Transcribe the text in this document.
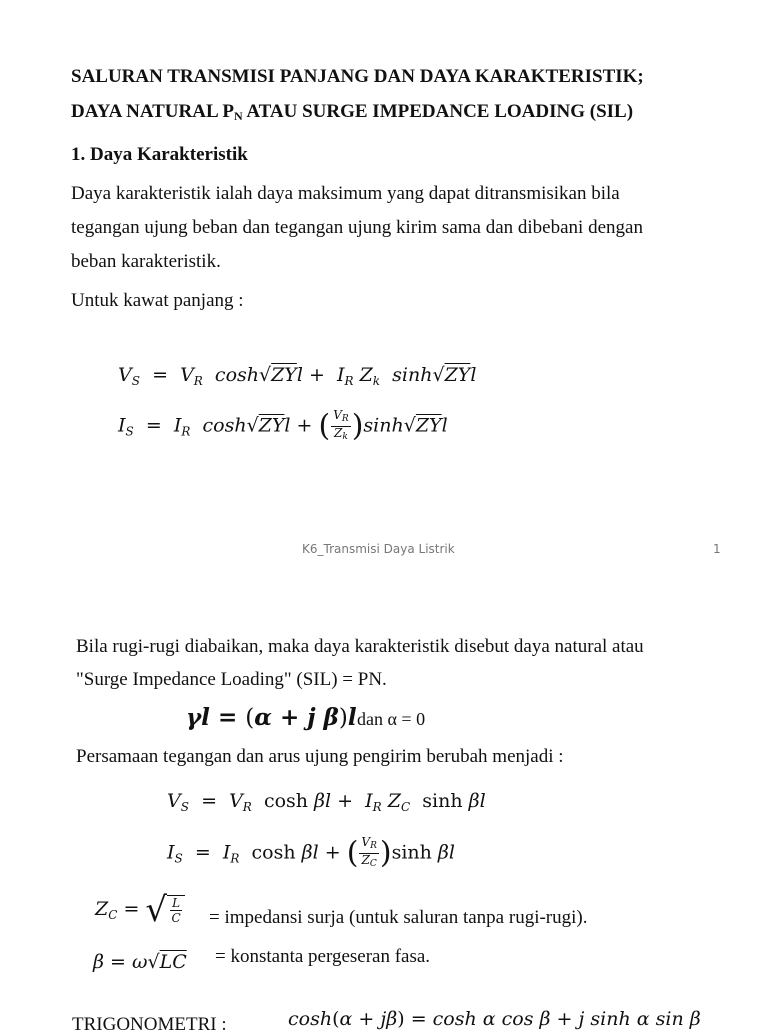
SALURAN TRANSMISI PANJANG DAN DAYA KARAKTERISTIK;
DAYA NATURAL $P_N$ ATAU SURGE IMPEDANCE LOADING (SIL)
1. Daya Karakteristik
Daya karakteristik ialah daya maksimum yang dapat ditransmisikan bila
tegangan ujung beban dan tegangan ujung kirim sama dan dibebani dengan
beban karakteristik.
Untuk kawat panjang :
$V_S = V_R$  $\cosh√ZYl + I_R$ $Z_k$  sinh√ZYl
$I_S = I_R$  cosh√ZYl + ( $\frac{V_R}{Z_k} )\sinh√ZYl$
K6_Transmisi Daya Listrik	1
Bila rugi-rugi diabaikan, maka daya karakteristik disebut daya natural atau
"Surge Impedance Loading" (SIL) = PN.
γl = (α + j β)l dan α = 0
Persamaan tegangan dan arus ujung pengirim berubah menjadi :
$V_S = V_R$ $\cosh \beta l + I_R$ $Z_C$ sinh βl
$I_S = I_R$ cosh βl + ( $\frac{V_R}{Z_C} )\sinh$ βl
$Z_C$ = √ $\frac{L}{C}$ = impedansi surja (untuk saluran tanpa rugi-rugi).
β = ω√LC = konstanta pergeseran fasa.
TRIGONOMETRI :	cosh(α + jβ) = cosh α cos β + j sinh α sin β
